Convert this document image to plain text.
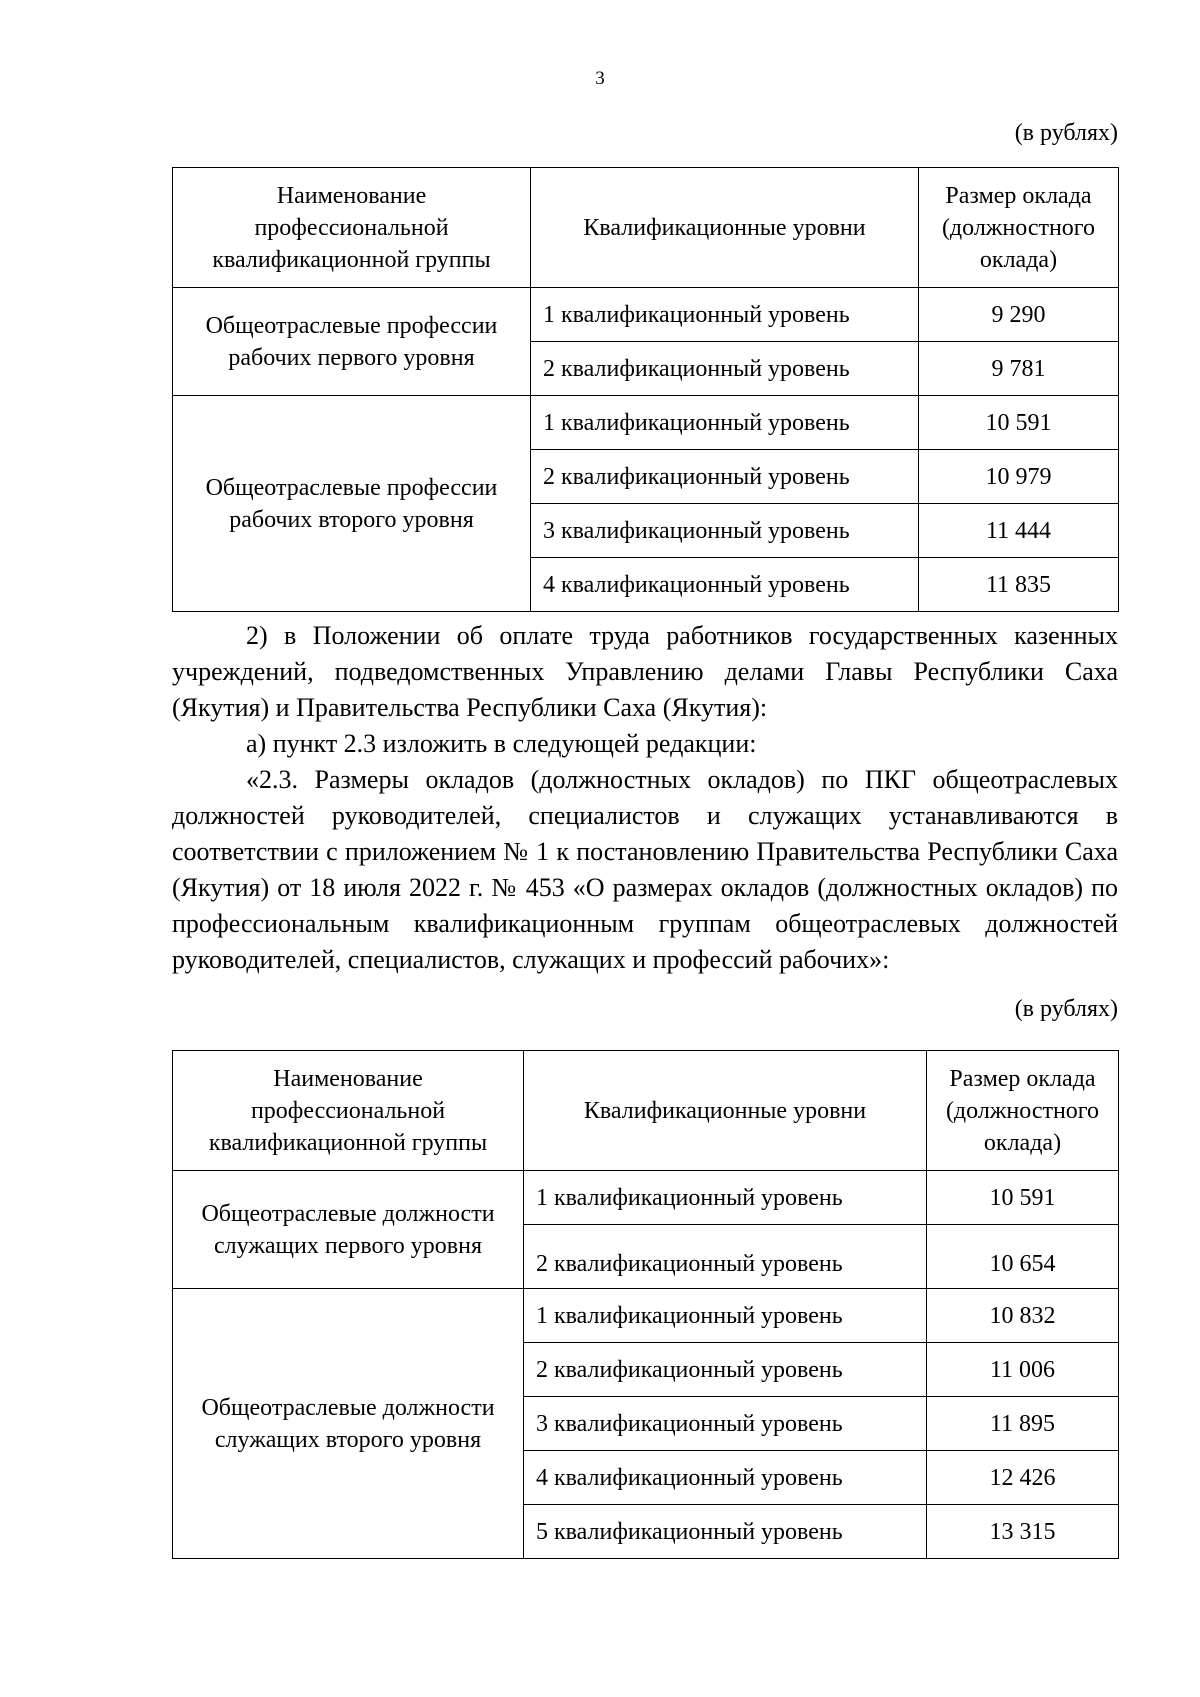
3
(в рублях)
Наименование профессиональной квалификационной группы	Квалификационные уровни	Размер оклада (должностного оклада)
Общеотраслевые профессии рабочих первого уровня	1 квалификационный уровень	9 290
	2 квалификационный уровень	9 781
Общеотраслевые профессии рабочих второго уровня	1 квалификационный уровень	10 591
	2 квалификационный уровень	10 979
	3 квалификационный уровень	11 444
	4 квалификационный уровень	11 835

2) в Положении об оплате труда работников государственных казенных учреждений, подведомственных Управлению делами Главы Республики Саха (Якутия) и Правительства Республики Саха (Якутия):

а) пункт 2.3 изложить в следующей редакции:

«2.3. Размеры окладов (должностных окладов) по ПКГ общеотраслевых должностей руководителей, специалистов и служащих устанавливаются в соответствии с приложением № 1 к постановлению Правительства Республики Саха (Якутия) от 18 июля 2022 г. № 453 «О размерах окладов (должностных окладов) по профессиональным квалификационным группам общеотраслевых должностей руководителей, специалистов, служащих и профессий рабочих»:

(в рублях)
Наименование профессиональной квалификационной группы	Квалификационные уровни	Размер оклада (должностного оклада)
Общеотраслевые должности служащих первого уровня	1 квалификационный уровень	10 591
	2 квалификационный уровень	10 654
Общеотраслевые должности служащих второго уровня	1 квалификационный уровень	10 832
	2 квалификационный уровень	11 006
	3 квалификационный уровень	11 895
	4 квалификационный уровень	12 426
	5 квалификационный уровень	13 315
